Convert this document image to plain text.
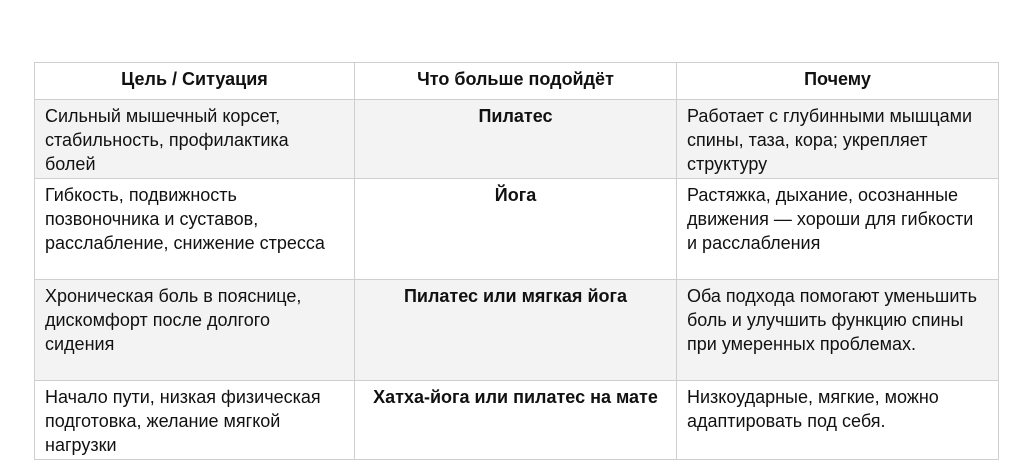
Цель / Ситуация	Что больше подойдёт	Почему
Сильный мышечный корсет, стабильность, профилактика болей	Пилатес	Работает с глубинными мышцами спины, таза, кора; укрепляет структуру
Гибкость, подвижность позвоночника и суставов, расслабление, снижение стресса	Йога	Растяжка, дыхание, осознанные движения — хороши для гибкости и расслабления
Хроническая боль в пояснице, дискомфорт после долгого сидения	Пилатес или мягкая йога	Оба подхода помогают уменьшить боль и улучшить функцию спины при умеренных проблемах.
Начало пути, низкая физическая подготовка, желание мягкой нагрузки	Хатха-йога или пилатес на мате	Низкоударные, мягкие, можно адаптировать под себя.
